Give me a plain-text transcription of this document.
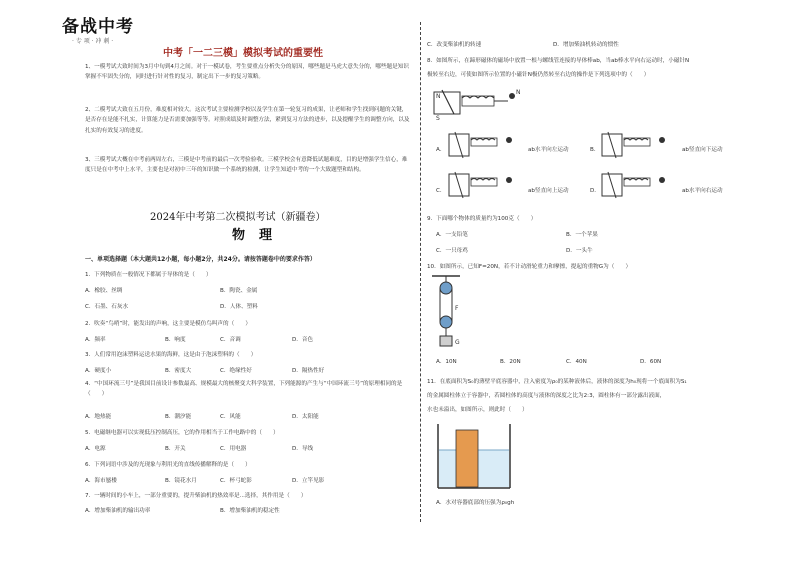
备战中考
· 专 项 · 冲 刺 ·
中考「一二三模」模拟考试的重要性
1、一模考试大致时间为3月中旬到4月之间。对于一模试卷，考生要重点分析失分的原因，哪些题是马虎大意失分的，哪些题是知识掌握不牢固失分的，同时进行针对性的复习，制定出下一步的复习策略。
2、二模考试大致在五月份，难度相对较大。这次考试主要检测学校以及学生在第一轮复习的成果，让老师和学生找到问题的关键，是否存在是能不扎实，计算能力是否需要加强等等。对照成绩及时调整方法，紧到复习方法的进步，以及提醒学生的调整方向，以及扎实的有效复习的进度。
3、三模考试大概在中考前两周左右，三模是中考前的最后一次考验验收。三模学校会有意降低试题难度，目的是增强学生信心，难度只是在中考中上水平，主要也是对初中三年的知识做一个系统的检测，让学生知道中考的一个大致题型和结构。
2024年中考第二次模拟考试（新疆卷）
物理
一、单项选择题（本大题共12小题，每小题2分，共24分。请按答题卷中的要求作答）
1．下列物质在一般情况下都属于导体的是（　　）
A．橡胶、丝绸	B．陶瓷、金属
C．石墨、石灰水	D．人体、塑料
2．吹奏“鸟哨”时，能发出的声响，这主要是模仿鸟叫声的（　　）
A．频率	B．响度	C．音调	D．音色
3．人们常用泡沫塑料运送水果的海鲜，这是由于泡沫塑料的（　　）
A．硬度小	B．密度大	C．绝缘性好	D．隔热性好
4．“中国环流三号”是我国目前设计参数最高、规模最大的核聚变大科学装置，下列能源的产生与“中国环流三号”的原理相同的是（　　）
A．地热能	B．潮汐能	C．风能	D．太阳能
5．电磁继电器可以实现低压控制高压，它的作用相当于工作电路中的（　　）
A．电源	B．开关	C．用电器	D．导线
6．下列词语中涉及的光现象与利用光的直线传播解释的是（　　）
A．海市蜃楼	B．镜花水月	C．杯弓蛇影	D．立竿见影
7．一辆时间的小车上，一部分重要的，提升柴油机的热效率是...选择，其作用是（　　）
A．增加柴油机的输出功率	B．增加柴油机的稳定性
C．改变柴油机的转速	D．增加柴油机转动的惯性
8．如图所示，在蹄形磁体的磁场中放置一根与螺线管连接的导体棒ab，当ab棒水平向右运动时，小磁针N
极转至右边，可使如图所示位置的小磁针N极仍然转至右边的操作是下列选项中的（　　）
N
S
N
A．	ab水平向左运动	B．	ab竖直向下运动
C．	ab竖直向上运动	D．	ab水平向右运动
9．下面哪个物体的质量约为100克（　　）
A．一支铅笔	B．一个苹果
C．一只母鸡	D．一头牛
10．如图所示，已知F=20N，若不计动滑轮重力和摩擦，提起的重物G为（　　）
F
G
A．10N	B．20N	C．40N	D．60N
11．在底面积为S₀的薄壁平底容器中，注入密度为ρ₀的某种液体后，液体的深度为h₀现将一个底面积为S₁
的金属圆柱体立于容器中，若圆柱体的高度与液体的深度之比为2:3，圆柱体有一部分露出液面，
水也未溢出，如图所示，则此时（　　）
A．水对容器底部的压强为ρ₀gh
